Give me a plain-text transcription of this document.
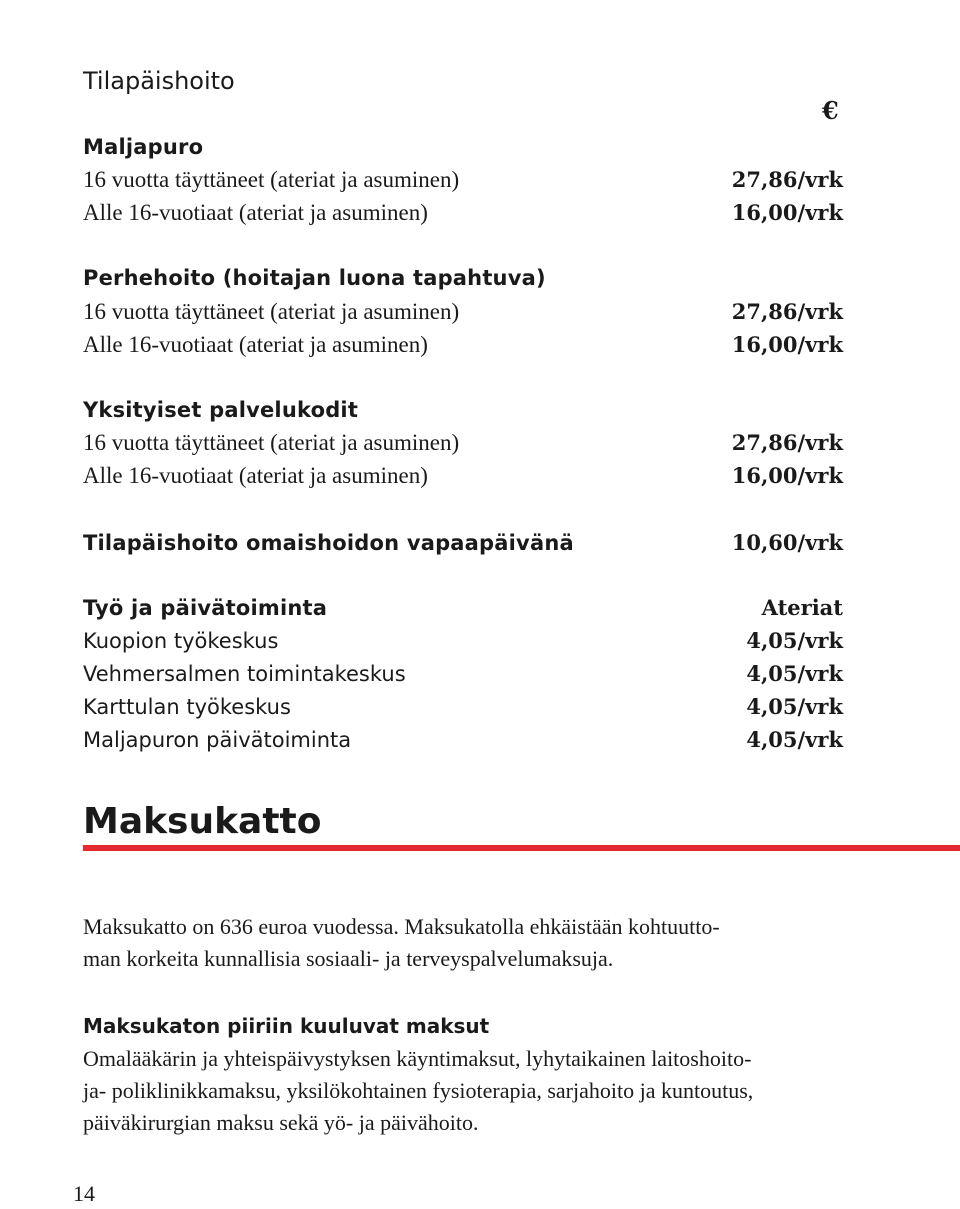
Tilapäishoito
€
Maljapuro
16 vuotta täyttäneet (ateriat ja asuminen)	27,86/vrk
Alle 16-vuotiaat (ateriat ja asuminen)	16,00/vrk
Perhehoito (hoitajan luona tapahtuva)
16 vuotta täyttäneet (ateriat ja asuminen)	27,86/vrk
Alle 16-vuotiaat (ateriat ja asuminen)	16,00/vrk
Yksityiset palvelukodit
16 vuotta täyttäneet (ateriat ja asuminen)	27,86/vrk
Alle 16-vuotiaat (ateriat ja asuminen)	16,00/vrk
Tilapäishoito omaishoidon vapaapäivänä	10,60/vrk
Työ ja päivätoiminta	Ateriat
Kuopion työkeskus	4,05/vrk
Vehmersalmen toimintakeskus	4,05/vrk
Karttulan työkeskus	4,05/vrk
Maljapuron päivätoiminta	4,05/vrk
Maksukatto
Maksukatto on 636 euroa vuodessa. Maksukatolla ehkäistään kohtuutto-
man korkeita kunnallisia sosiaali- ja terveyspalvelumaksuja.
Maksukaton piiriin kuuluvat maksut
Omalääkärin ja yhteispäivystyksen käyntimaksut, lyhytaikainen laitoshoito-
ja- poliklinikkamaksu, yksilökohtainen fysioterapia, sarjahoito ja kuntoutus,
päiväkirurgian maksu sekä yö- ja päivähoito.
14
